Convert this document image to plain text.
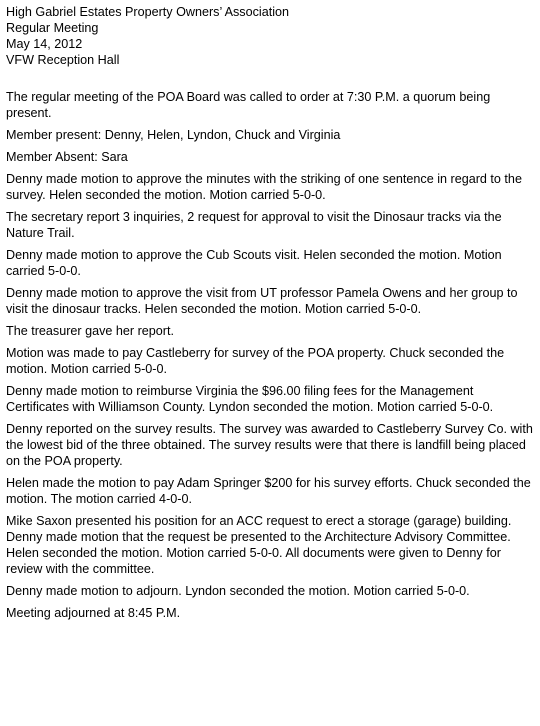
High Gabriel Estates Property Owners’ Association
Regular Meeting
May 14, 2012
VFW Reception Hall

The regular meeting of the POA Board was called to order at 7:30 P.M. a quorum being present.

Member present: Denny, Helen, Lyndon, Chuck and Virginia

Member Absent: Sara

Denny made motion to approve the minutes with the striking of one sentence in regard to the survey. Helen seconded the motion. Motion carried 5-0-0.

The secretary report 3 inquiries, 2 request for approval to visit the Dinosaur tracks via the Nature Trail.

Denny made motion to approve the Cub Scouts visit. Helen seconded the motion. Motion carried 5-0-0.

Denny made motion to approve the visit from UT professor Pamela Owens and her group to visit the dinosaur tracks. Helen seconded the motion. Motion carried 5-0-0.

The treasurer gave her report.

Motion was made to pay Castleberry for survey of the POA property. Chuck seconded the motion. Motion carried 5-0-0.

Denny made motion to reimburse Virginia the $96.00 filing fees for the Management Certificates with Williamson County. Lyndon seconded the motion. Motion carried 5-0-0.

Denny reported on the survey results. The survey was awarded to Castleberry Survey Co. with the lowest bid of the three obtained. The survey results were that there is landfill being placed on the POA property.

Helen made the motion to pay Adam Springer $200 for his survey efforts. Chuck seconded the motion. The motion carried 4-0-0.

Mike Saxon presented his position for an ACC request to erect a storage (garage) building. Denny made motion that the request be presented to the Architecture Advisory Committee. Helen seconded the motion. Motion carried 5-0-0. All documents were given to Denny for review with the committee.

Denny made motion to adjourn. Lyndon seconded the motion. Motion carried 5-0-0.

Meeting adjourned at 8:45 P.M.
